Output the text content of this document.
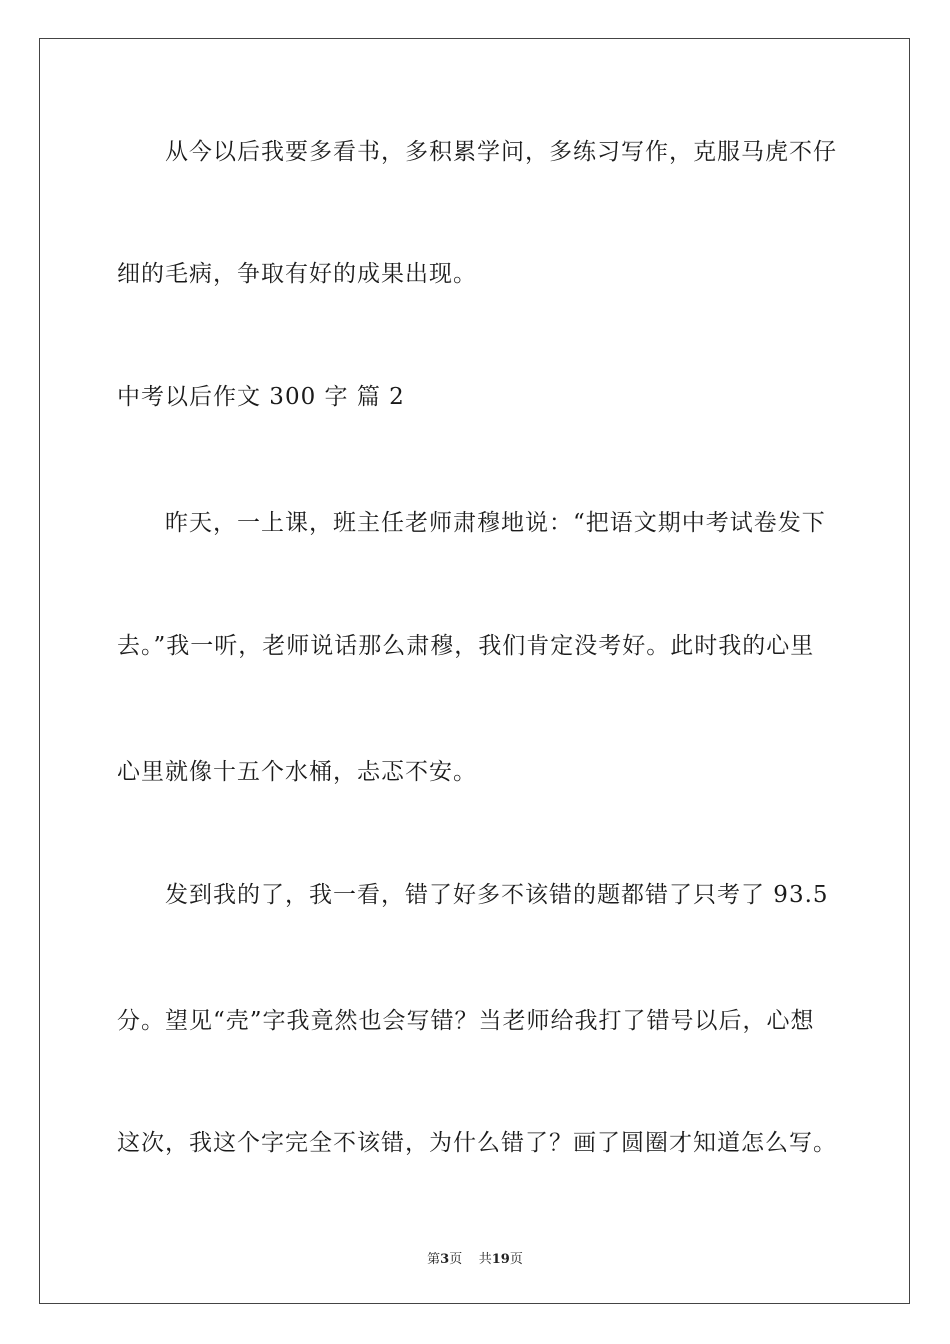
从今以后我要多看书，多积累学问，多练习写作，克服马虎不仔

细的毛病，争取有好的成果出现。

中考以后作文 300 字 篇 2

昨天，一上课，班主任老师肃穆地说：“把语文期中考试卷发下

去。”我一听，老师说话那么肃穆，我们肯定没考好。此时我的心里

心里就像十五个水桶，忐忑不安。

发到我的了，我一看，错了好多不该错的题都错了只考了 93.5

分。望见“壳”字我竟然也会写错？当老师给我打了错号以后，心想

这次，我这个字完全不该错，为什么错了？画了圆圈才知道怎么写。

第3页 共19页
